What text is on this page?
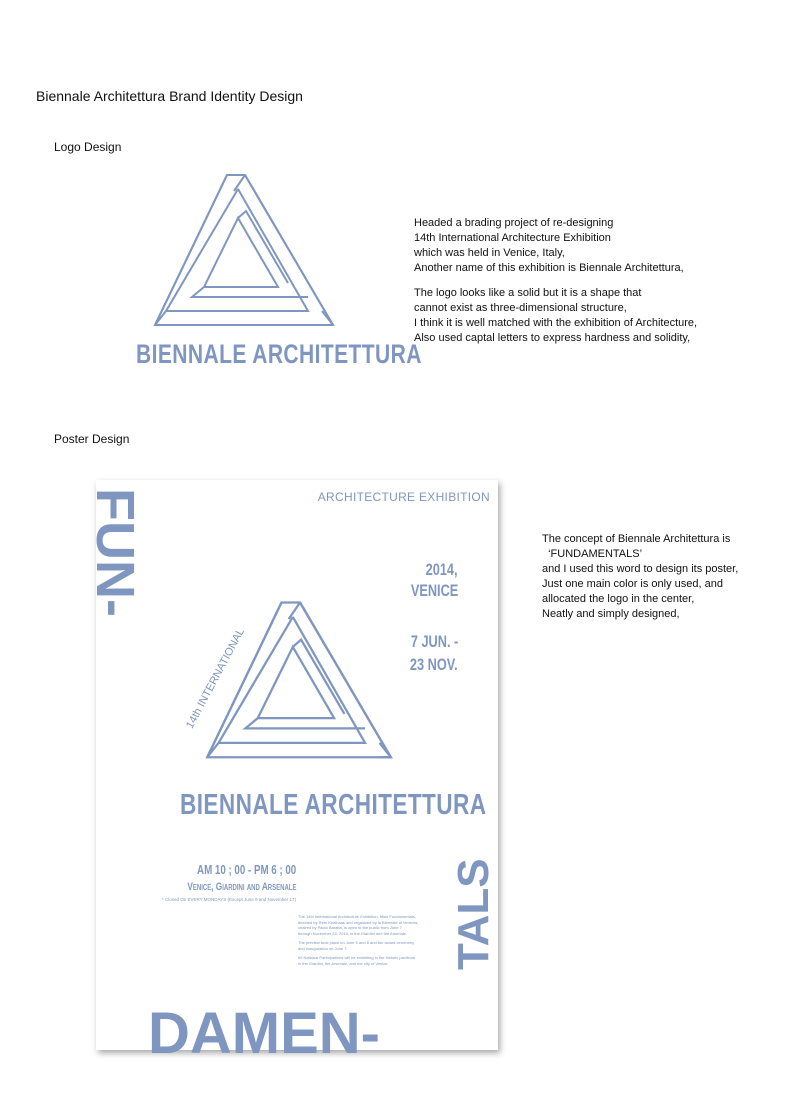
Biennale Architettura Brand Identity Design
Logo Design
BIENNALE ARCHITETTURA

Headed a brading project of re-designing
14th International Architecture Exhibition
which was held in Venice, Italy,
Another name of this exhibition is Biennale Architettura,

The logo looks like a solid but it is a shape that
cannot exist as three-dimensional structure,
I think it is well matched with the exhibition of Architecture,
Also used captal letters to express hardness and solidity,

Poster Design
FUN-	ARCHITECTURE EXHIBITION
2014,
VENICE
7 JUN. -
23 NOV.
14th INTERNATIONAL
BIENNALE ARCHITETTURA
AM 10 ; 00 - PM 6 ; 00
Venice, Giardini and Arsenale
* Closed On EVERY MONDAYS (Except June 9 and November 17)
The 14th International Architecture Exhibition, titled Fundamentals,
directed by Rem Koolhaas and organized by la Biennale di Venezia,
chaired by Paolo Baratta, is open to the public from June 7
through November 23, 2014, in the Giardini and the Arsenale.
The preview took place on June 5 and 6 and the award ceremony
and inauguration on June 7.
65 National Participations will be exhibiting in the historic pavilions
in the Giardini, the Arsenale, and the city of Venice.	TALS
DAMEN-
The concept of Biennale Architettura is
‘FUNDAMENTALS’
and I used this word to design its poster,
Just one main color is only used, and
allocated the logo in the center,
Neatly and simply designed,
